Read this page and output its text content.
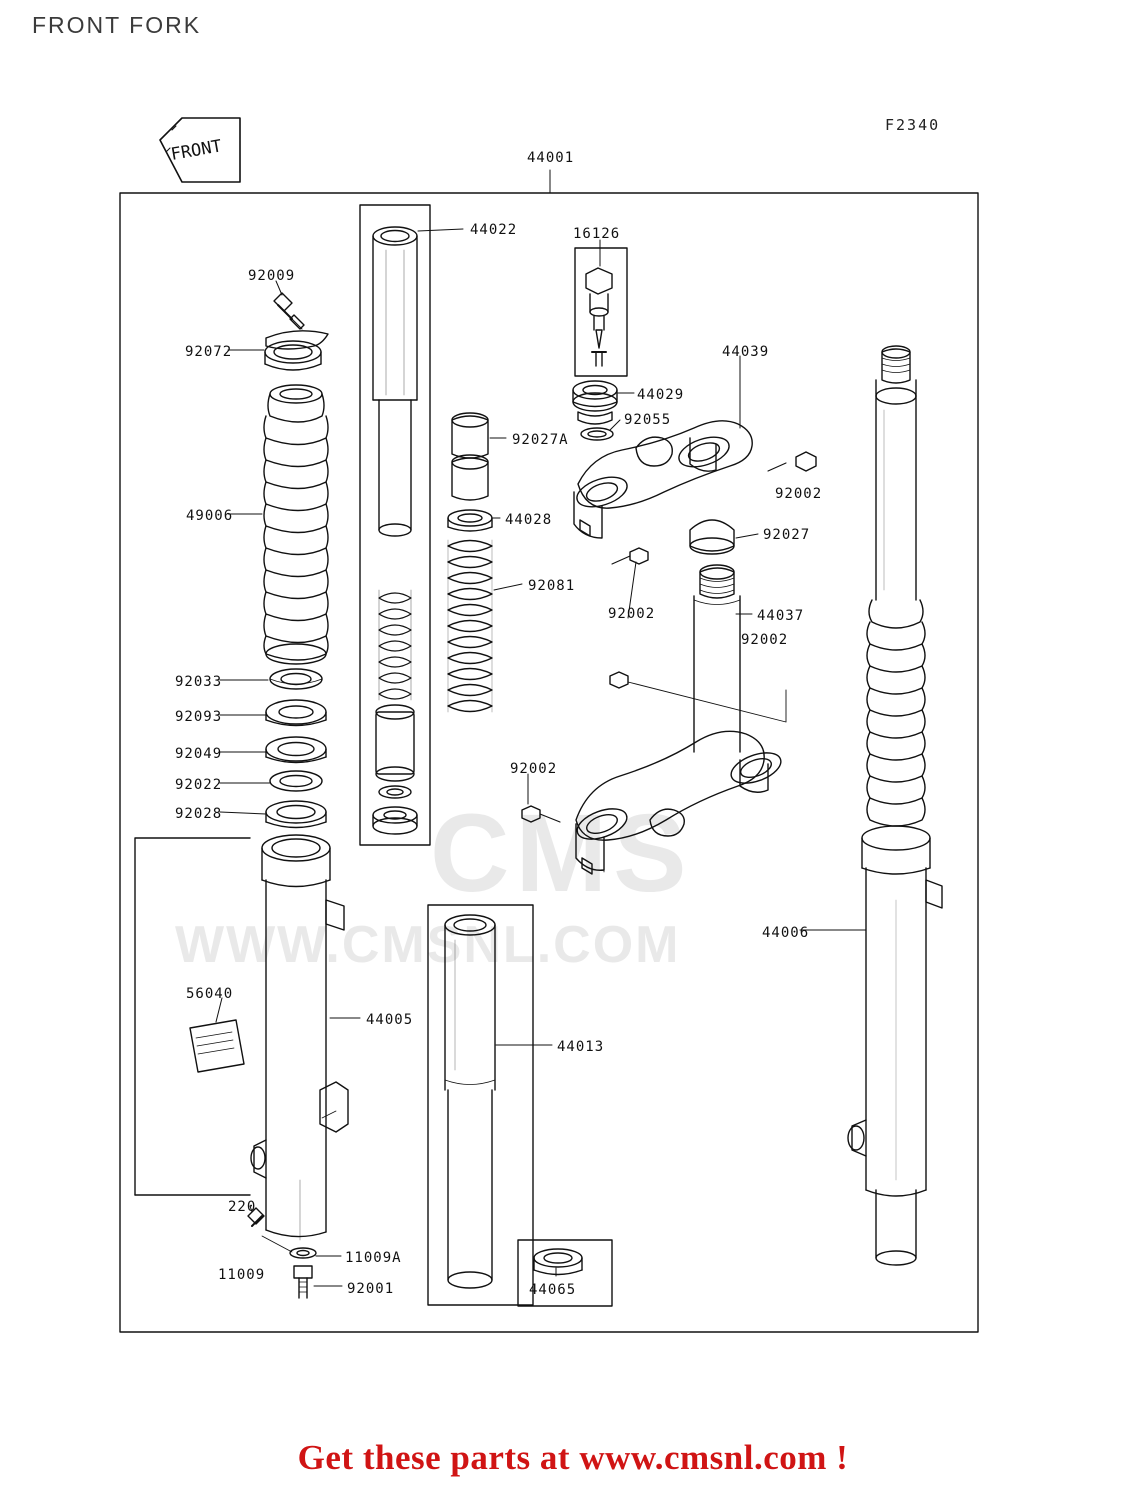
FRONT FORK
F2340
CMS
WWW.CMSNL.COM
FRONT	44001
44022	16126
92009
92072	44039
44029
92055
92027A
92002
49006	44028
92027
92081
92002	44037
92002
92033
92093
92049
92022
92002
92028
44006
56040
44005
44013
220
11009A
11009
92001	44065
Get these parts at www.cmsnl.com !
